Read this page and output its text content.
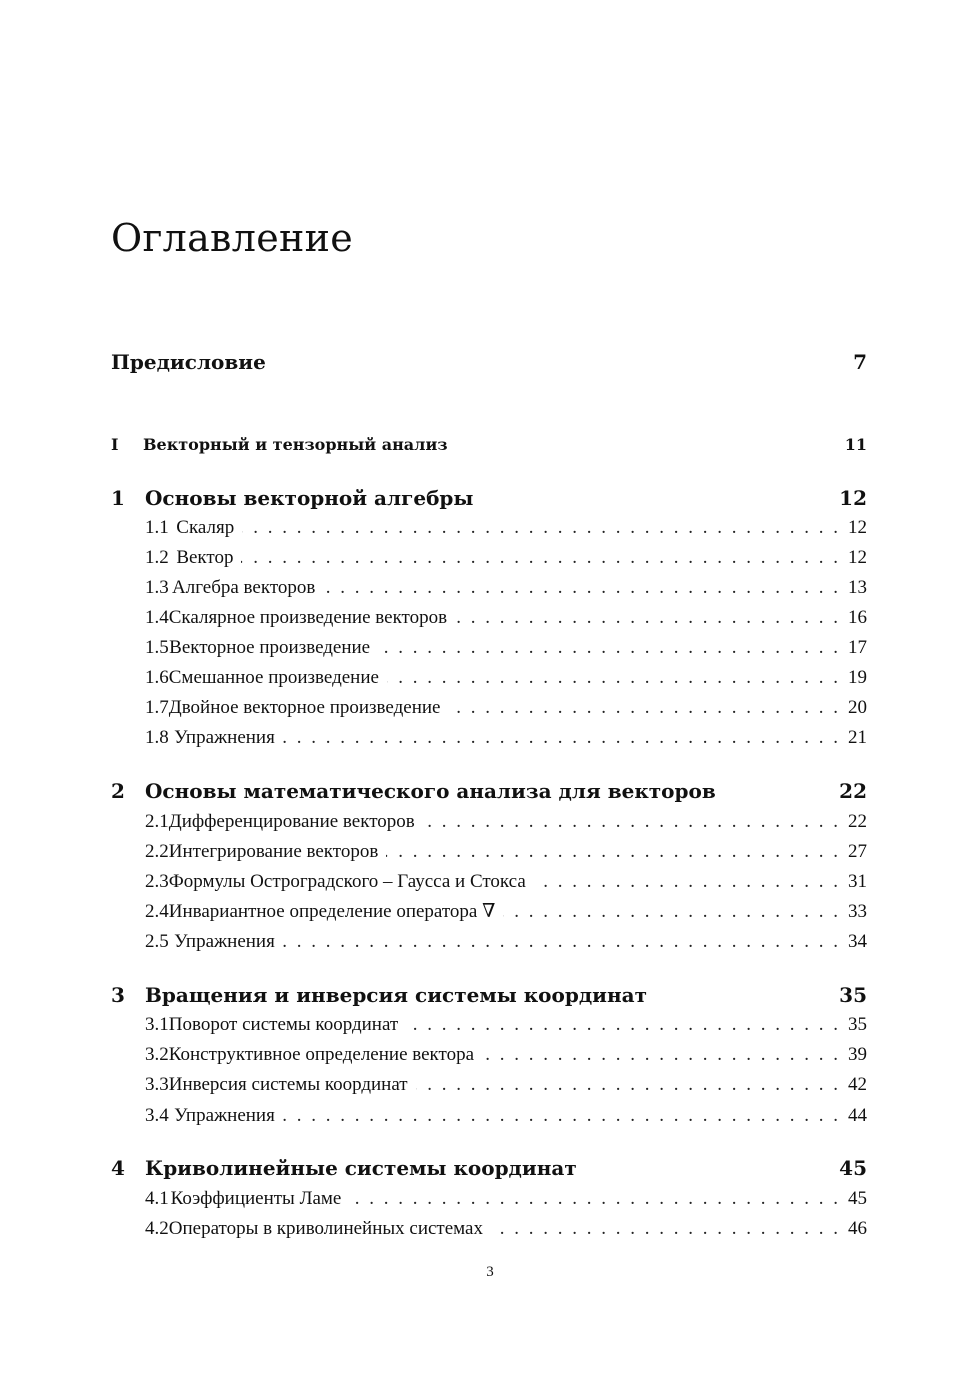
Оглавление
Предисловие	7
I	Векторный и тензорный анализ	11
1	Основы векторной алгебры	12
1.1 Скаляр . . .	12
1.2 Вектор . . .	12
1.3 Алгебра векторов . . .	13
1.4 Скалярное произведение векторов . . .	16
1.5 Векторное произведение . . .	17
1.6 Смешанное произведение . . .	19
1.7 Двойное векторное произведение . . .	20
1.8 Упражнения . . .	21
2	Основы математического анализа для векторов	22
2.1 Дифференцирование векторов . . .	22
2.2 Интегрирование векторов . . .	27
2.3 Формулы Остроградского – Гаусса и Стокса . . .	31
2.4 Инвариантное определение оператора ∇ . . .	33
2.5 Упражнения . . .	34
3	Вращения и инверсия системы координат	35
3.1 Поворот системы координат . . .	35
3.2 Конструктивное определение вектора . . .	39
3.3 Инверсия системы координат . . .	42
3.4 Упражнения . . .	44
4	Криволинейные системы координат	45
4.1 Коэффициенты Ламе . . .	45
4.2 Операторы в криволинейных системах . . .	46
3
